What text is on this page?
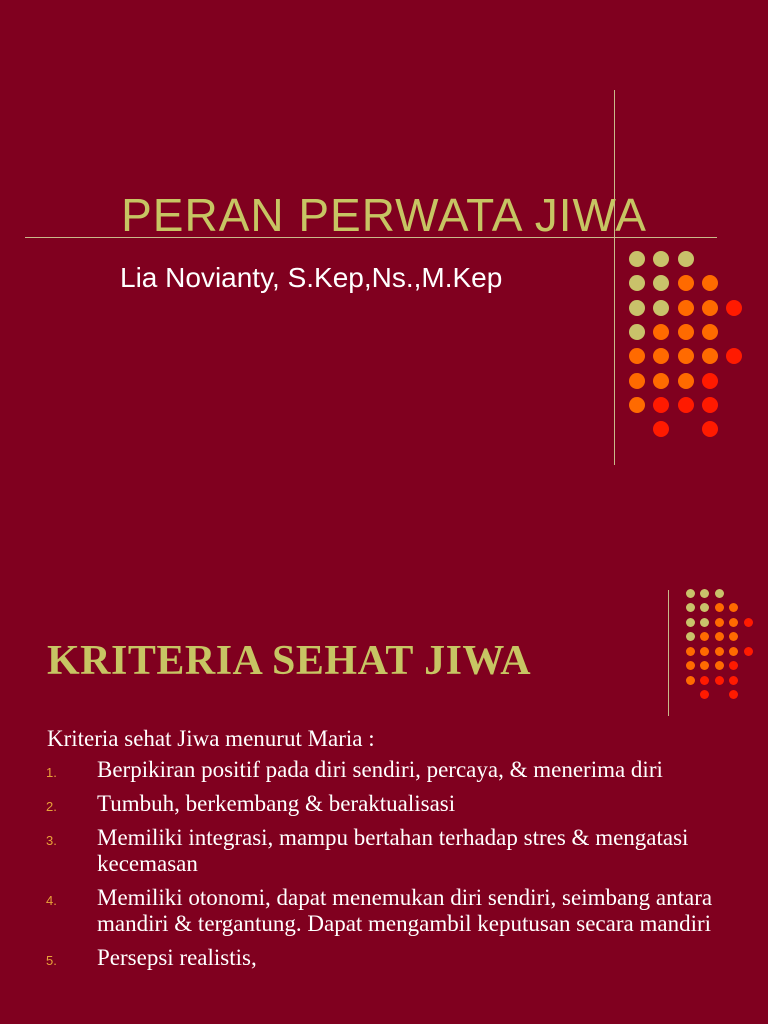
PERAN PERWATA JIWA

Lia Novianty, S.Kep,Ns.,M.Kep

KRITERIA SEHAT JIWA

Kriteria sehat Jiwa menurut Maria :

1. Berpikiran positif pada diri sendiri, percaya, & menerima diri
2. Tumbuh, berkembang & beraktualisasi
3. Memiliki integrasi, mampu bertahan terhadap stres & mengatasi kecemasan
4. Memiliki otonomi, dapat menemukan diri sendiri, seimbang antara mandiri & tergantung. Dapat mengambil keputusan secara mandiri
5. Persepsi realistis,
